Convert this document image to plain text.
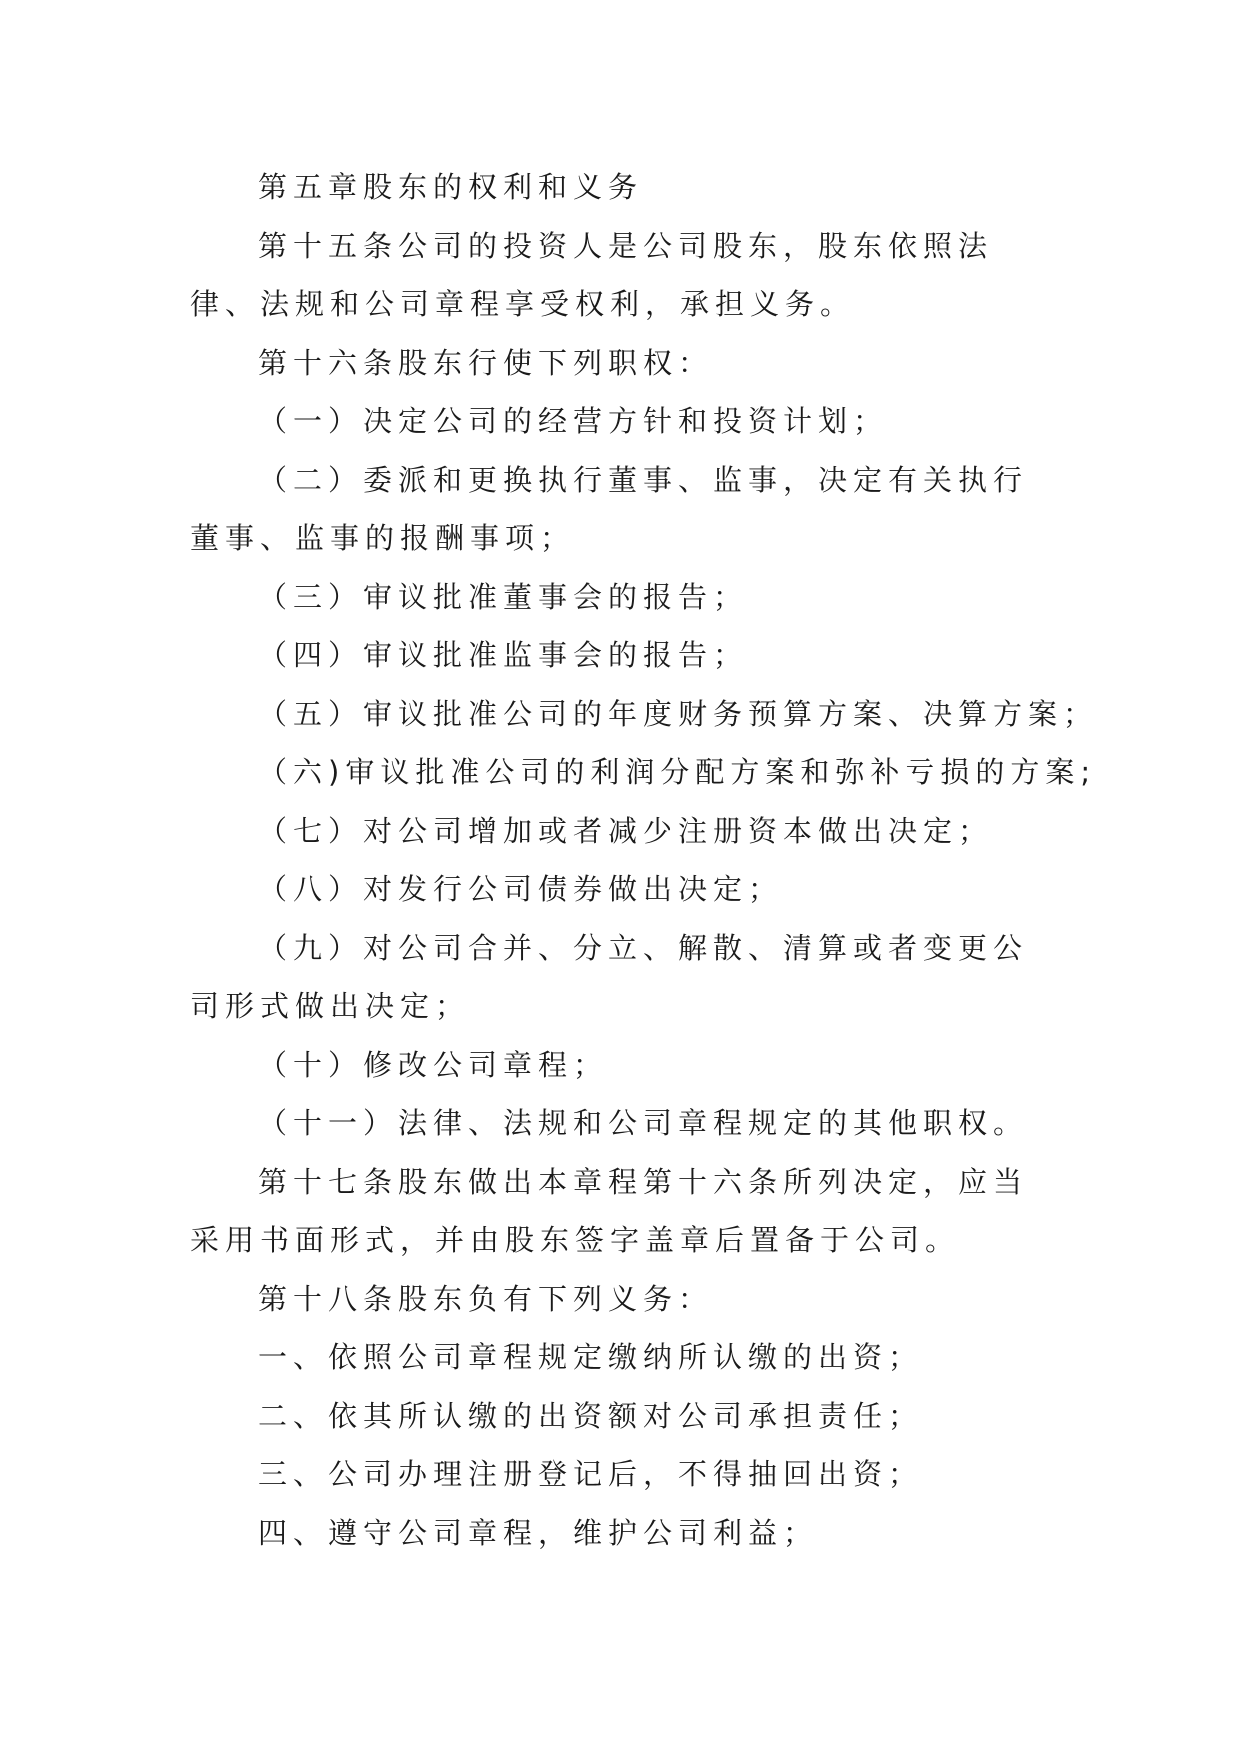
第五章股东的权利和义务

第十五条公司的投资人是公司股东，股东依照法律、法规和公司章程享受权利，承担义务。

第十六条股东行使下列职权：

（一）决定公司的经营方针和投资计划；

（二）委派和更换执行董事、监事，决定有关执行董事、监事的报酬事项；

（三）审议批准董事会的报告；

（四）审议批准监事会的报告；

（五）审议批准公司的年度财务预算方案、决算方案；

（六)审议批准公司的利润分配方案和弥补亏损的方案;

（七）对公司增加或者减少注册资本做出决定；

（八）对发行公司债券做出决定；

（九）对公司合并、分立、解散、清算或者变更公司形式做出决定；

（十）修改公司章程；

（十一）法律、法规和公司章程规定的其他职权。

第十七条股东做出本章程第十六条所列决定，应当采用书面形式，并由股东签字盖章后置备于公司。

第十八条股东负有下列义务：

一、依照公司章程规定缴纳所认缴的出资；

二、依其所认缴的出资额对公司承担责任；

三、公司办理注册登记后，不得抽回出资；

四、遵守公司章程，维护公司利益；
